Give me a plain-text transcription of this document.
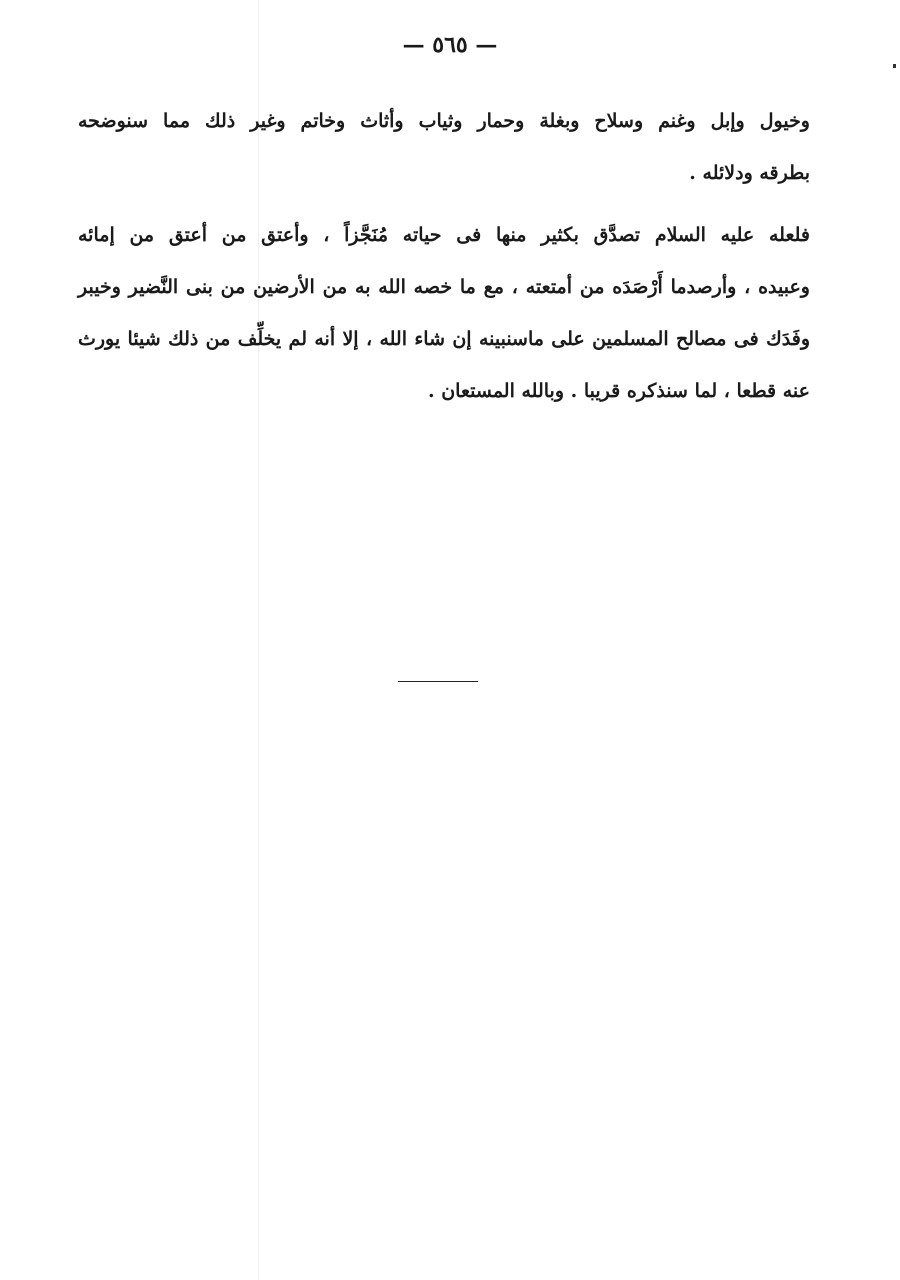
— ٥٦٥ —
وخيول وإبل وغنم وسلاح وبغلة وحمار وثياب وأثاث وخاتم وغير ذلك مما سنوضحه
بطرقه ودلائله .
فلعله عليه السلام تصدَّق بكثير منها فى حياته مُنَجَّزاً ، وأعتق من أعتق من إمائه
وعبيده ، وأرصدما أَرْصَدَه من أمتعته ، مع ما خصه الله به من الأرضين من بنى النَّضير وخيبر
وفَدَك فى مصالح المسلمين على ماسنبينه إن شاء الله ، إلا أنه لم يخلِّف من ذلك شيئا يورث
عنه قطعا ، لما سنذكره قريبا . وبالله المستعان .
